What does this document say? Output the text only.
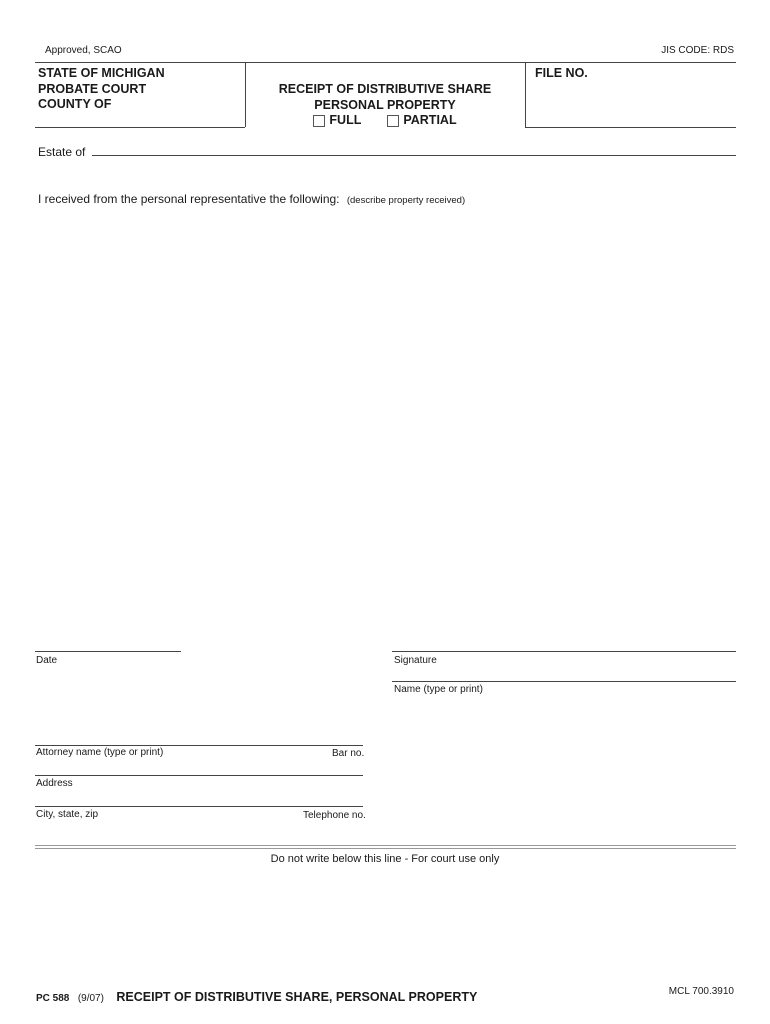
Approved, SCAO	JIS CODE: RDS
STATE OF MICHIGAN
PROBATE COURT
COUNTY OF
RECEIPT OF DISTRIBUTIVE SHARE
PERSONAL PROPERTY
FULL	PARTIAL
FILE NO.
Estate of
I received from the personal representative the following: (describe property received)
Date	Signature
Name (type or print)
Attorney name (type or print)	Bar no.
Address
City, state, zip	Telephone no.
Do not write below this line - For court use only
PC 588 (9/07) RECEIPT OF DISTRIBUTIVE SHARE, PERSONAL PROPERTY	MCL 700.3910
